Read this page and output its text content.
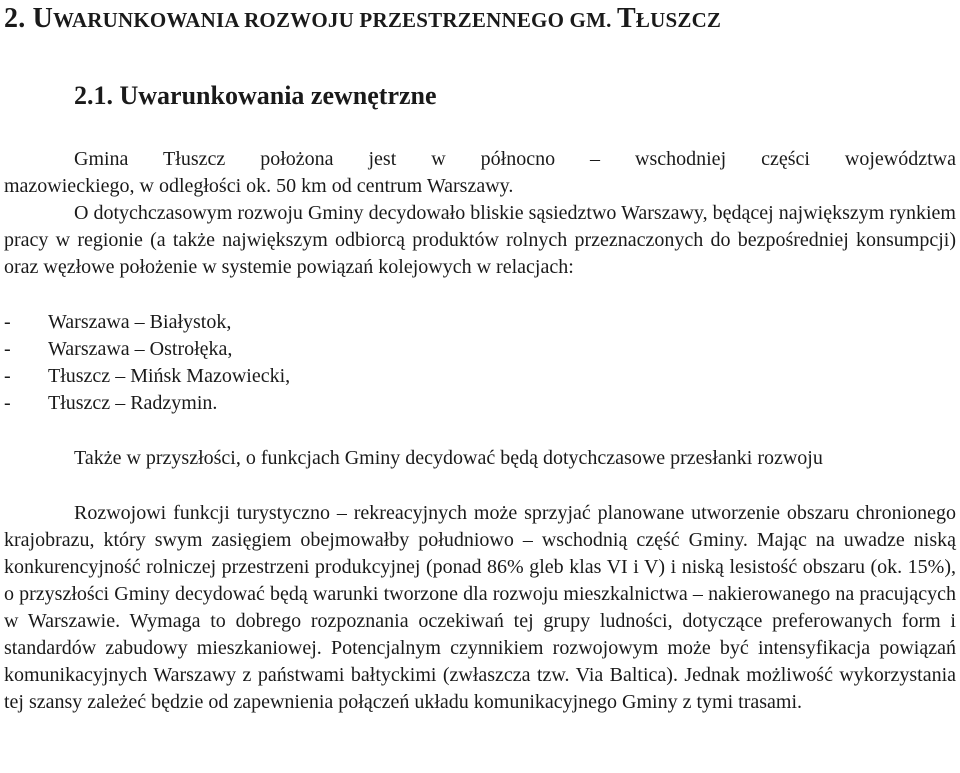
2. UWARUNKOWANIA ROZWOJU PRZESTRZENNEGO GM. TŁUSZCZ
2.1. Uwarunkowania zewnętrzne
Gmina Tłuszcz położona jest w północno – wschodniej części województwa
mazowieckiego, w odległości ok. 50 km od centrum Warszawy.
O dotychczasowym rozwoju Gminy decydowało bliskie sąsiedztwo Warszawy, będącej największym rynkiem pracy w regionie (a także największym odbiorcą produktów rolnych przeznaczonych do bezpośredniej konsumpcji) oraz węzłowe położenie w systemie powiązań kolejowych w relacjach:
- Warszawa – Białystok,
- Warszawa – Ostrołęka,
- Tłuszcz – Mińsk Mazowiecki,
- Tłuszcz – Radzymin.
Także w przyszłości, o funkcjach Gminy decydować będą dotychczasowe przesłanki rozwoju
Rozwojowi funkcji turystyczno – rekreacyjnych może sprzyjać planowane utworzenie obszaru chronionego krajobrazu, który swym zasięgiem obejmowałby południowo – wschodnią część Gminy. Mając na uwadze niską konkurencyjność rolniczej przestrzeni produkcyjnej (ponad 86% gleb klas VI i V) i niską lesistość obszaru (ok. 15%), o przyszłości Gminy decydować będą warunki tworzone dla rozwoju mieszkalnictwa – nakierowanego na pracujących w Warszawie. Wymaga to dobrego rozpoznania oczekiwań tej grupy ludności, dotyczące preferowanych form i standardów zabudowy mieszkaniowej. Potencjalnym czynnikiem rozwojowym może być intensyfikacja powiązań komunikacyjnych Warszawy z państwami bałtyckimi (zwłaszcza tzw. Via Baltica). Jednak możliwość wykorzystania tej szansy zależeć będzie od zapewnienia połączeń układu komunikacyjnego Gminy z tymi trasami.
